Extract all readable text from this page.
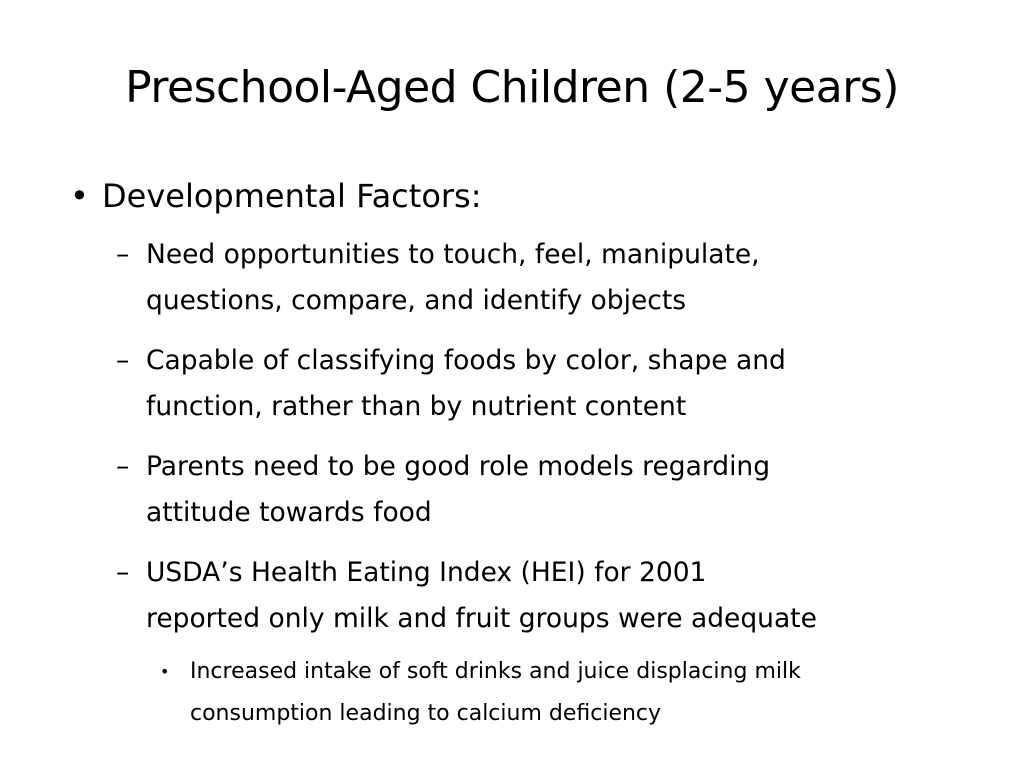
Preschool-Aged Children (2-5 years)
• Developmental Factors:
– Need opportunities to touch, feel, manipulate,
questions, compare, and identify objects
– Capable of classifying foods by color, shape and
function, rather than by nutrient content
– Parents need to be good role models regarding
attitude towards food
– USDA’s Health Eating Index (HEI) for 2001
reported only milk and fruit groups were adequate
• Increased intake of soft drinks and juice displacing milk
consumption leading to calcium deficiency
